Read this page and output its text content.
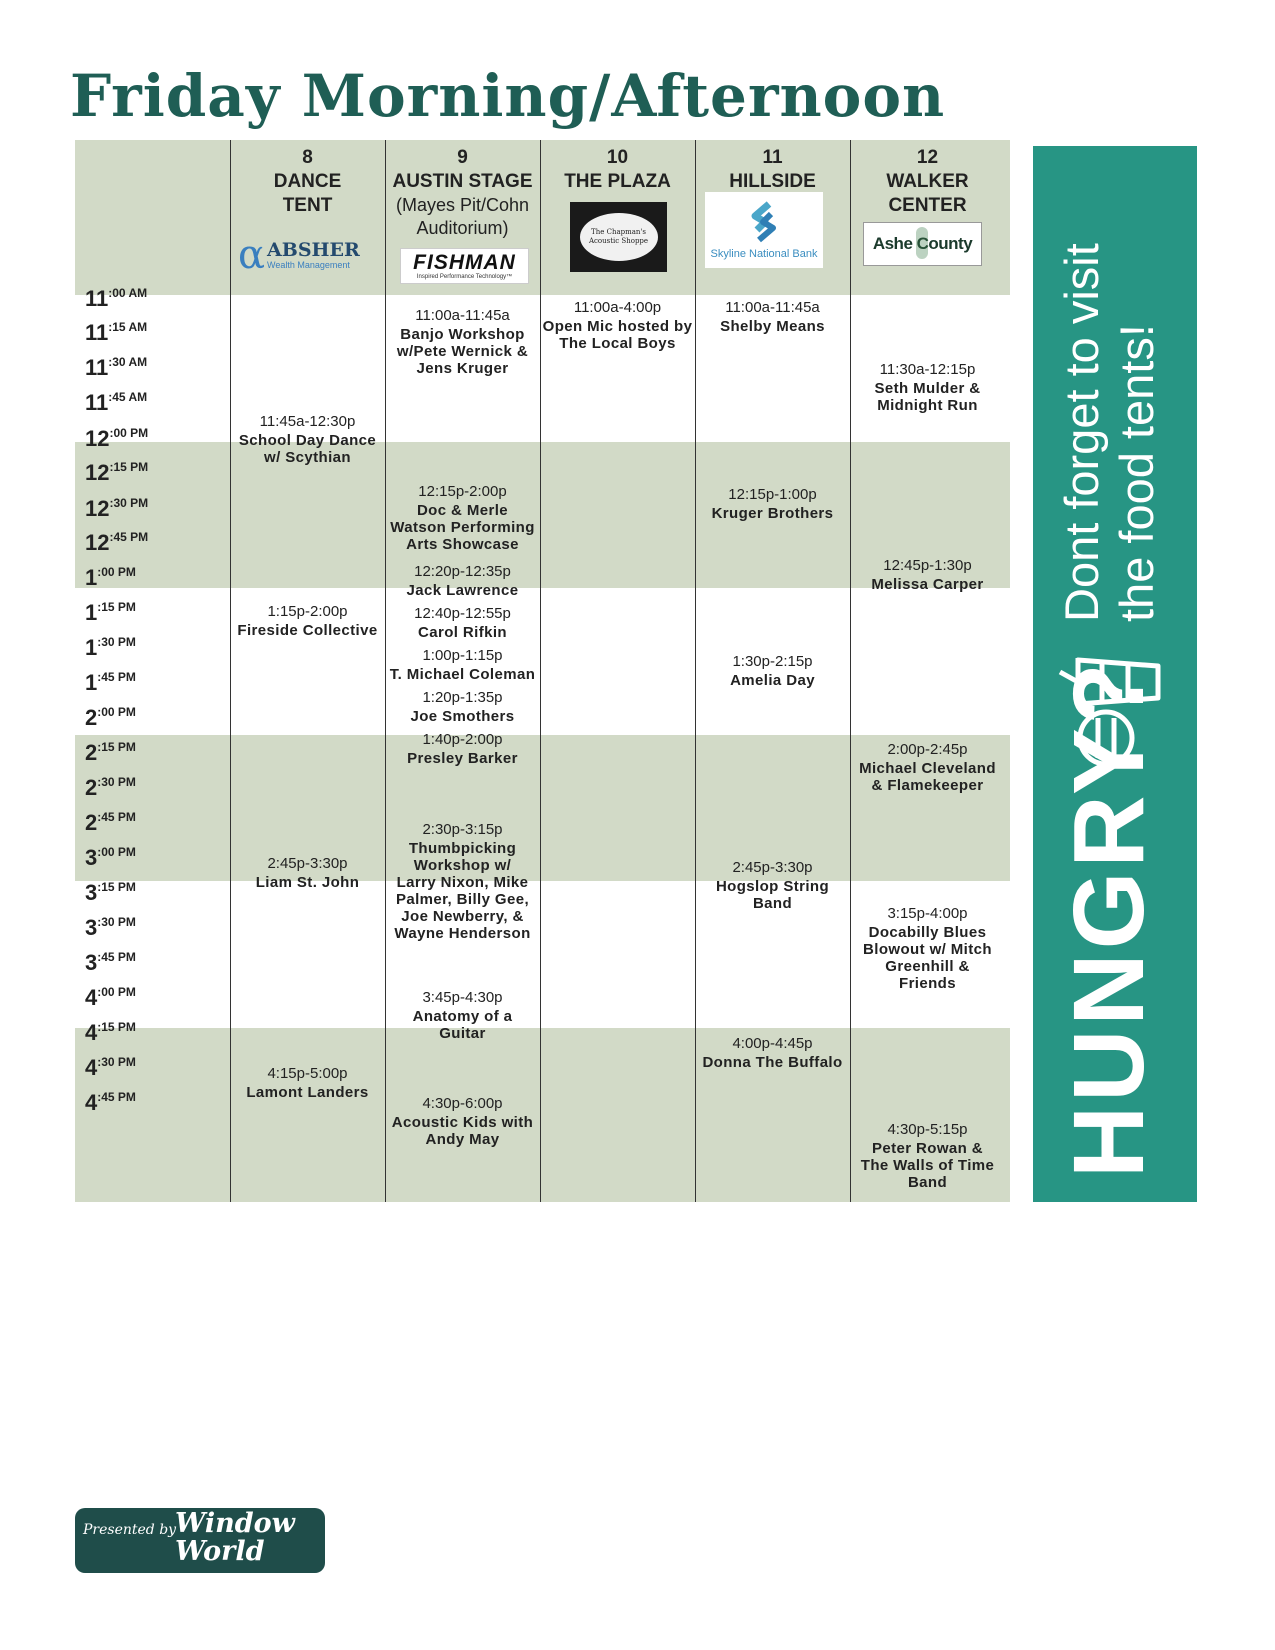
Friday Morning/Afternoon
8
DANCE
TENT
9
AUSTIN STAGE
(Mayes Pit/Cohn
Auditorium)
10
THE PLAZA
11
HILLSIDE
12
WALKER
CENTER
α ABSHER
Wealth Management	FISHMAN
Inspired Performance Technology™
The Chapman's Acoustic Shoppe
Skyline National Bank
Ashe County
$11^{:00 AM}$
$11^{:15 AM}$
$11^{:30 AM}$
$11^{:45 AM}$
$12^{:00 PM}$
$12^{:15 PM}$
$12^{:30 PM}$
$12^{:45 PM}$
$1^{:00 PM}$
$1^{:15 PM}$
$1^{:30 PM}$
$1^{:45 PM}$
$2^{:00 PM}$
$2^{:15 PM}$
$2^{:30 PM}$
$2^{:45 PM}$
$3^{:00 PM}$
$3^{:15 PM}$
$3^{:30 PM}$
$3^{:45 PM}$
$4^{:00 PM}$
$4^{:15 PM}$
$4^{:30 PM}$
$4^{:45 PM}$
11:45a-12:30p
School Day Dance
w/ Scythian
1:15p-2:00p
Fireside Collective
2:45p-3:30p
Liam St. John
4:15p-5:00p
Lamont Landers
11:00a-11:45a
Banjo Workshop
w/Pete Wernick &
Jens Kruger
12:15p-2:00p
Doc & Merle
Watson Performing
Arts Showcase
12:20p-12:35p
Jack Lawrence
12:40p-12:55p
Carol Rifkin
1:00p-1:15p
T. Michael Coleman
1:20p-1:35p
Joe Smothers
1:40p-2:00p
Presley Barker
2:30p-3:15p
Thumbpicking
Workshop w/
Larry Nixon, Mike
Palmer, Billy Gee,
Joe Newberry, &
Wayne Henderson
3:45p-4:30p
Anatomy of a
Guitar
4:30p-6:00p
Acoustic Kids with
Andy May
11:00a-4:00p
Open Mic hosted by
The Local Boys
11:00a-11:45a
Shelby Means
12:15p-1:00p
Kruger Brothers
1:30p-2:15p
Amelia Day
2:45p-3:30p
Hogslop String
Band
4:00p-4:45p
Donna The Buffalo
11:30a-12:15p
Seth Mulder &
Midnight Run
12:45p-1:30p
Melissa Carper
2:00p-2:45p
Michael Cleveland
& Flamekeeper
3:15p-4:00p
Docabilly Blues
Blowout w/ Mitch
Greenhill &
Friends
4:30p-5:15p
Peter Rowan &
The Walls of Time
Band
HUNGRY?
Dont forget to visit the food tents!
Presented by
Window
World
